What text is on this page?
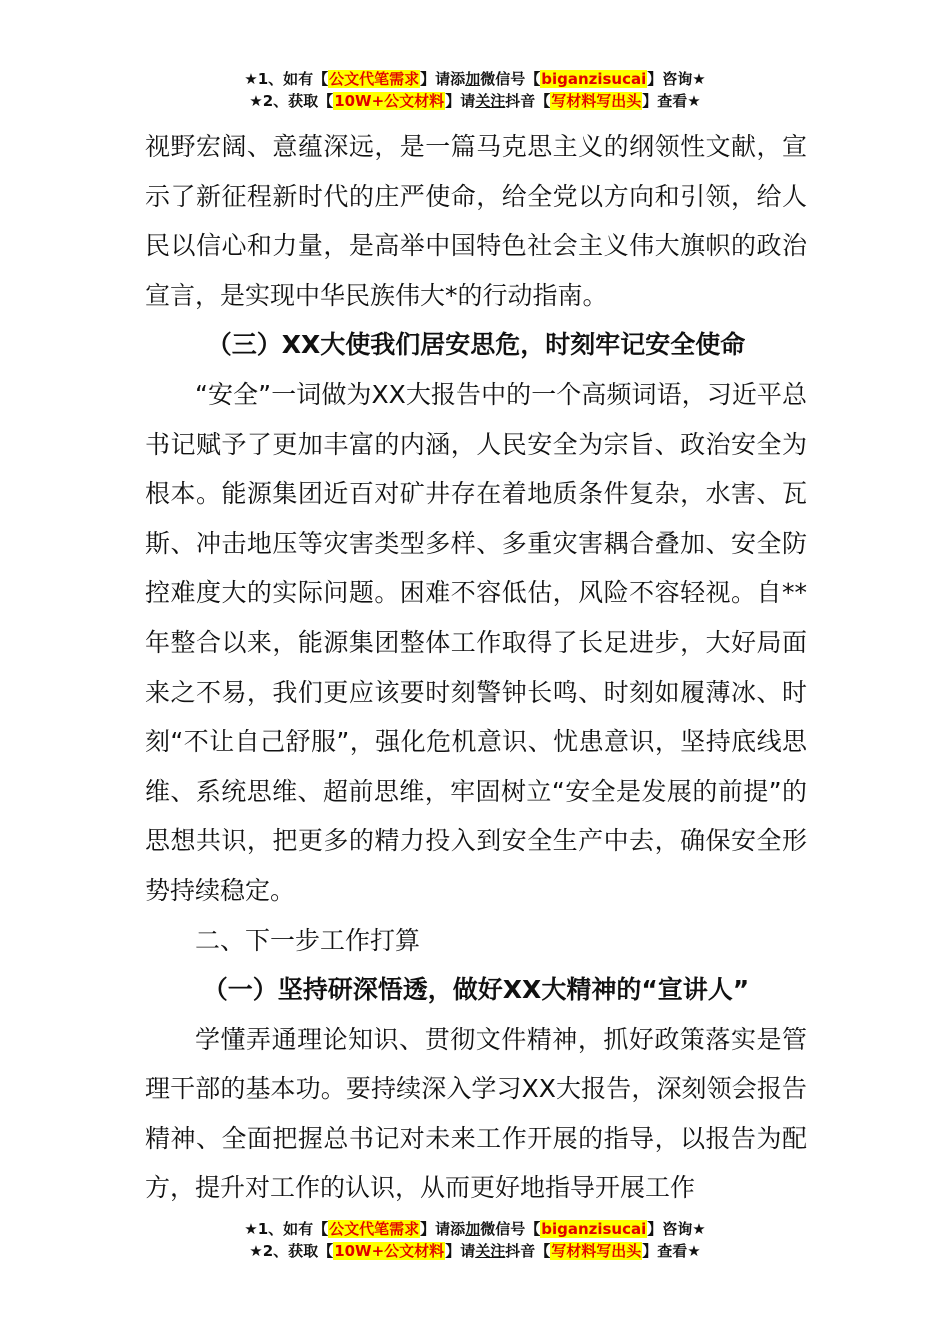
★1、如有【公文代笔需求】请添加微信号【biganzisucai】咨询★
★2、获取【10W+公文材料】请关注抖音【写材料写出头】查看★

视野宏阔、意蕴深远，是一篇马克思主义的纲领性文献，宣示了新征程新时代的庄严使命，给全党以方向和引领，给人民以信心和力量，是高举中国特色社会主义伟大旗帜的政治宣言，是实现中华民族伟大*的行动指南。

（三）XX大使我们居安思危，时刻牢记安全使命

“安全”一词做为XX大报告中的一个高频词语，习近平总书记赋予了更加丰富的内涵，人民安全为宗旨、政治安全为根本。能源集团近百对矿井存在着地质条件复杂，水害、瓦斯、冲击地压等灾害类型多样、多重灾害耦合叠加、安全防控难度大的实际问题。困难不容低估，风险不容轻视。自**年整合以来，能源集团整体工作取得了长足进步，大好局面来之不易，我们更应该要时刻警钟长鸣、时刻如履薄冰、时刻“不让自己舒服”，强化危机意识、忧患意识，坚持底线思维、系统思维、超前思维，牢固树立“安全是发展的前提”的思想共识，把更多的精力投入到安全生产中去，确保安全形势持续稳定。

二、下一步工作打算

（一）坚持研深悟透，做好XX大精神的“宣讲人”

学懂弄通理论知识、贯彻文件精神，抓好政策落实是管理干部的基本功。要持续深入学习XX大报告，深刻领会报告精神、全面把握总书记对未来工作开展的指导，以报告为配方，提升对工作的认识，从而更好地指导开展工作

★1、如有【公文代笔需求】请添加微信号【biganzisucai】咨询★
★2、获取【10W+公文材料】请关注抖音【写材料写出头】查看★
